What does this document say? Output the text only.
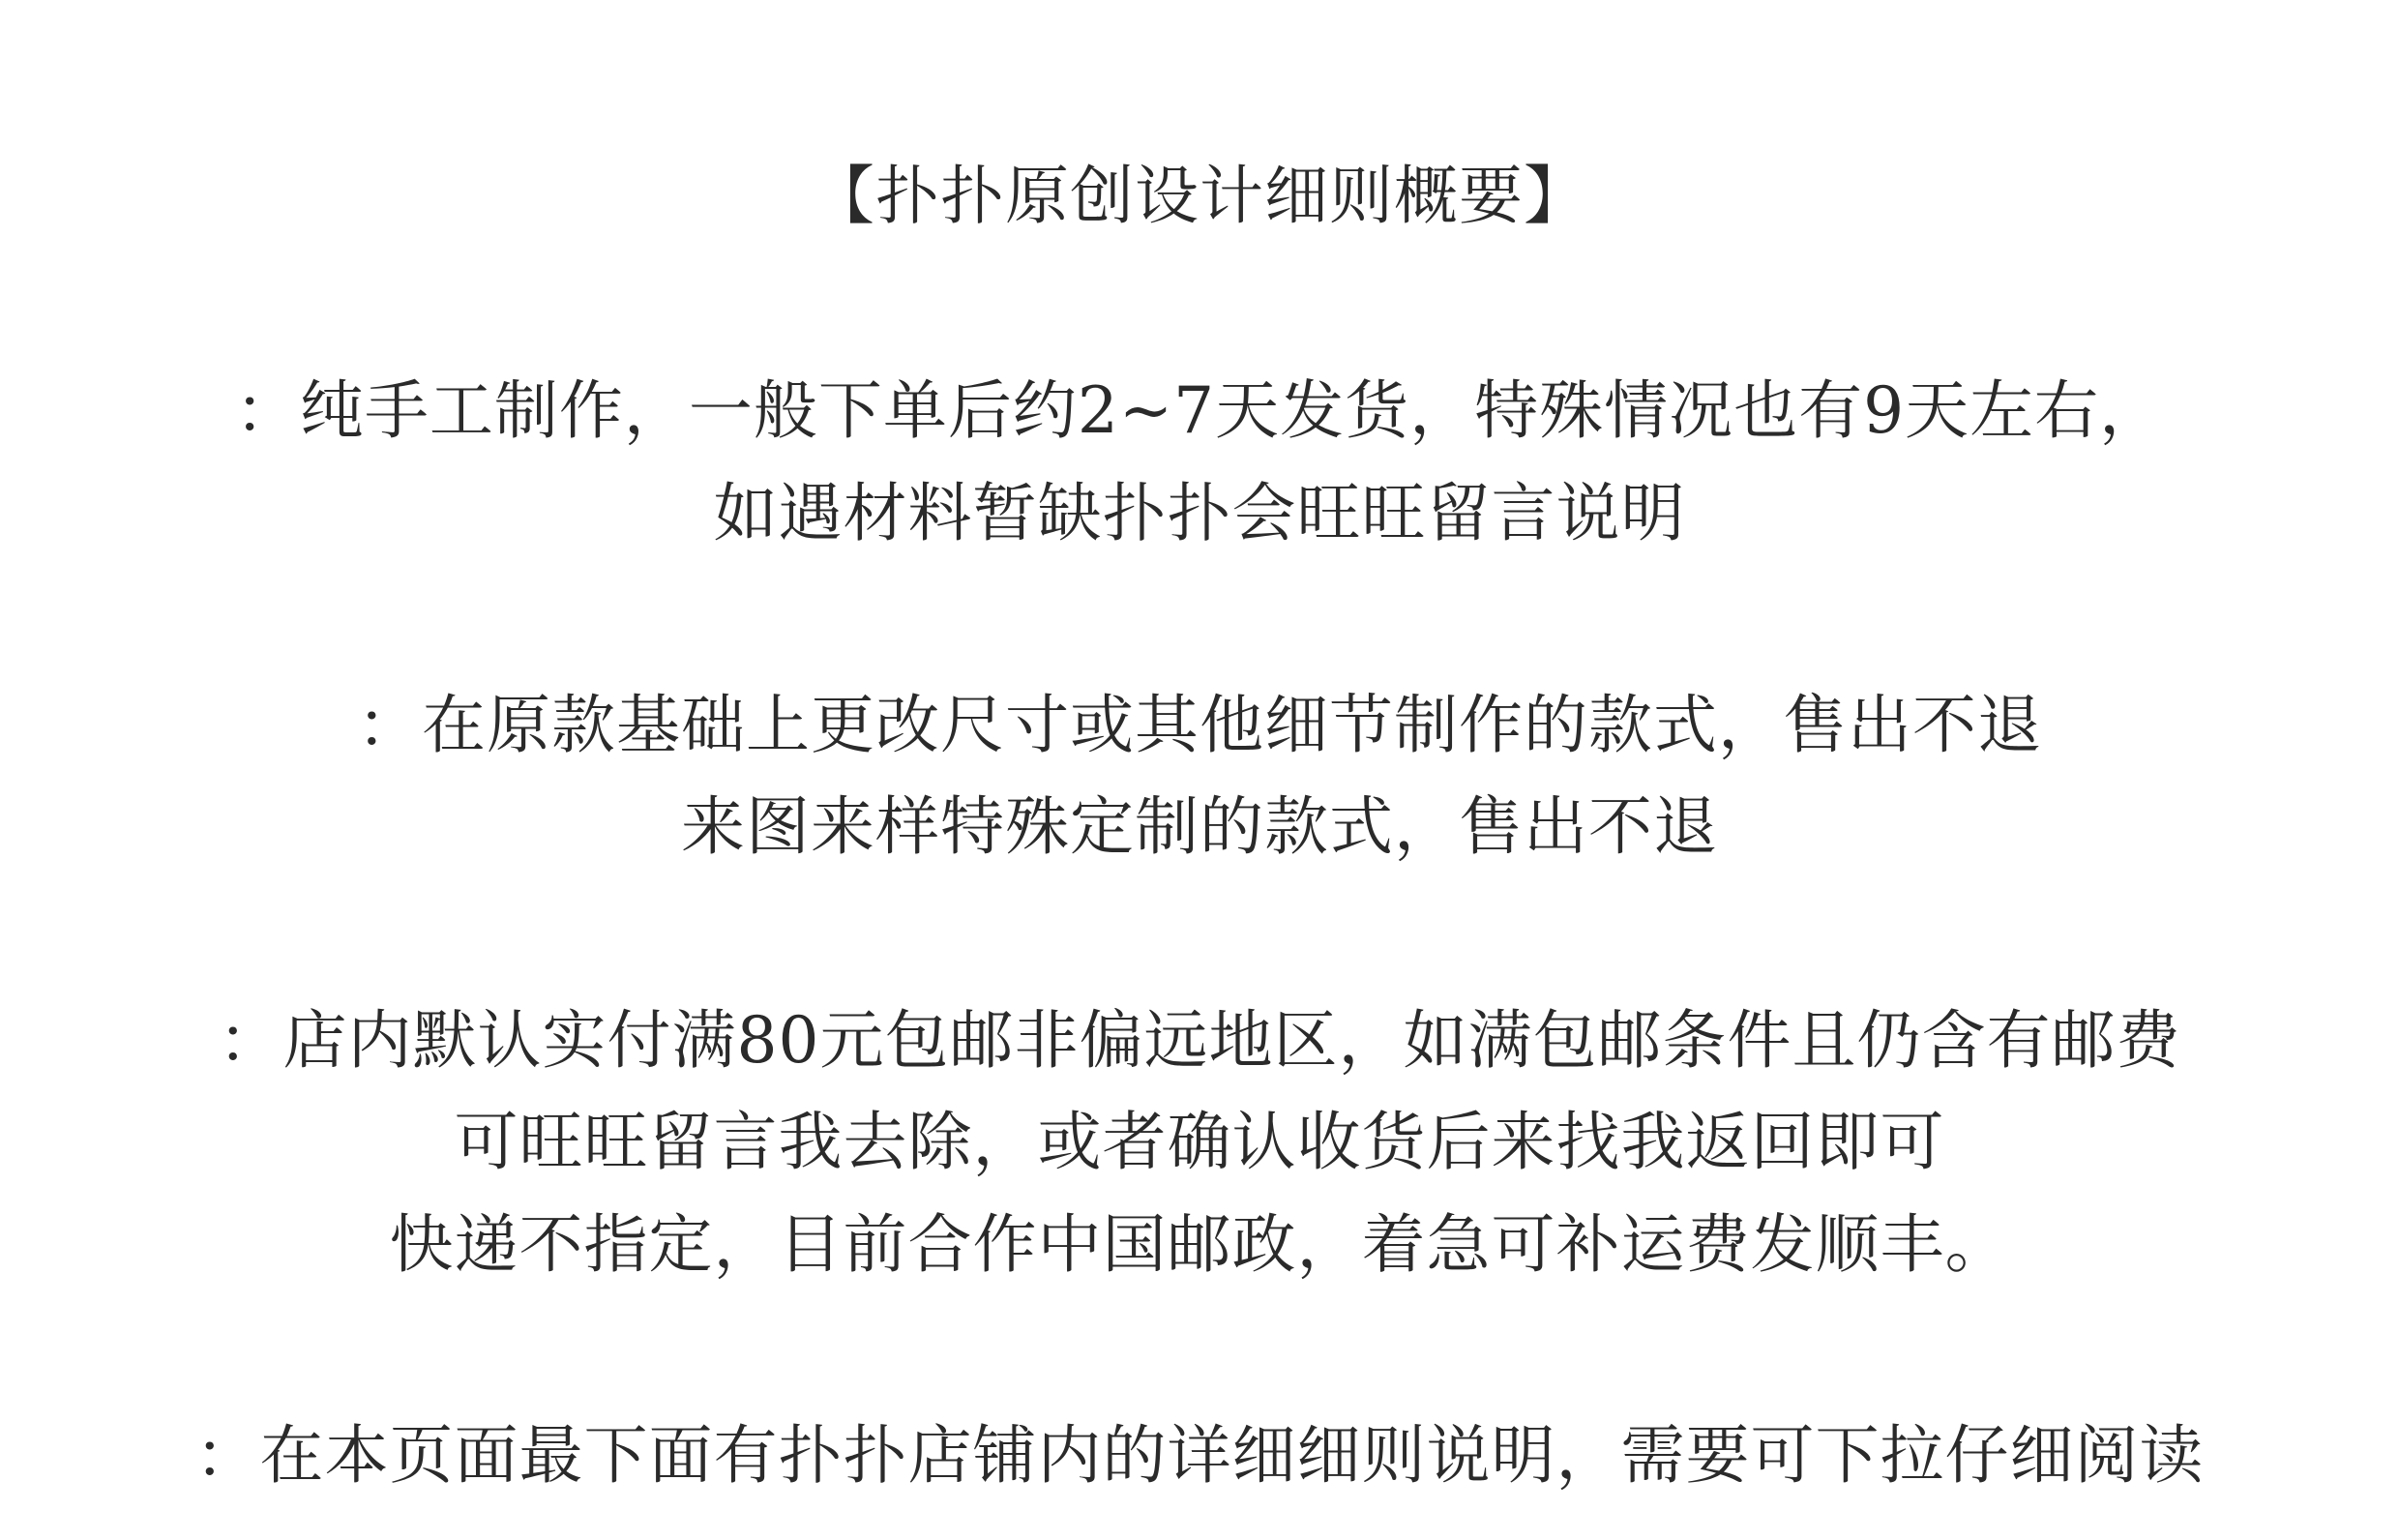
【扑扑原创设计细则概要】
：纯手工制作，一般下单后约2~7天发货，特殊情况也有9天左右，
如遇材料暂缺扑扑会旺旺留言说明
：在原款基础上更改尺寸或其他细节制作的款式，售出不退
来图来样特殊定制的款式，售出不退
：店内默认实付满80元包邮非偏远地区，如满包邮条件且仍含有邮费
可旺旺留言我去除，或者确认收货后来找我返回即可
快递不指定，目前合作中国邮政，着急可补运费发顺丰。
：在本页面最下面有扑扑店铺内的详细细则说明，需要可下拉仔细阅读
